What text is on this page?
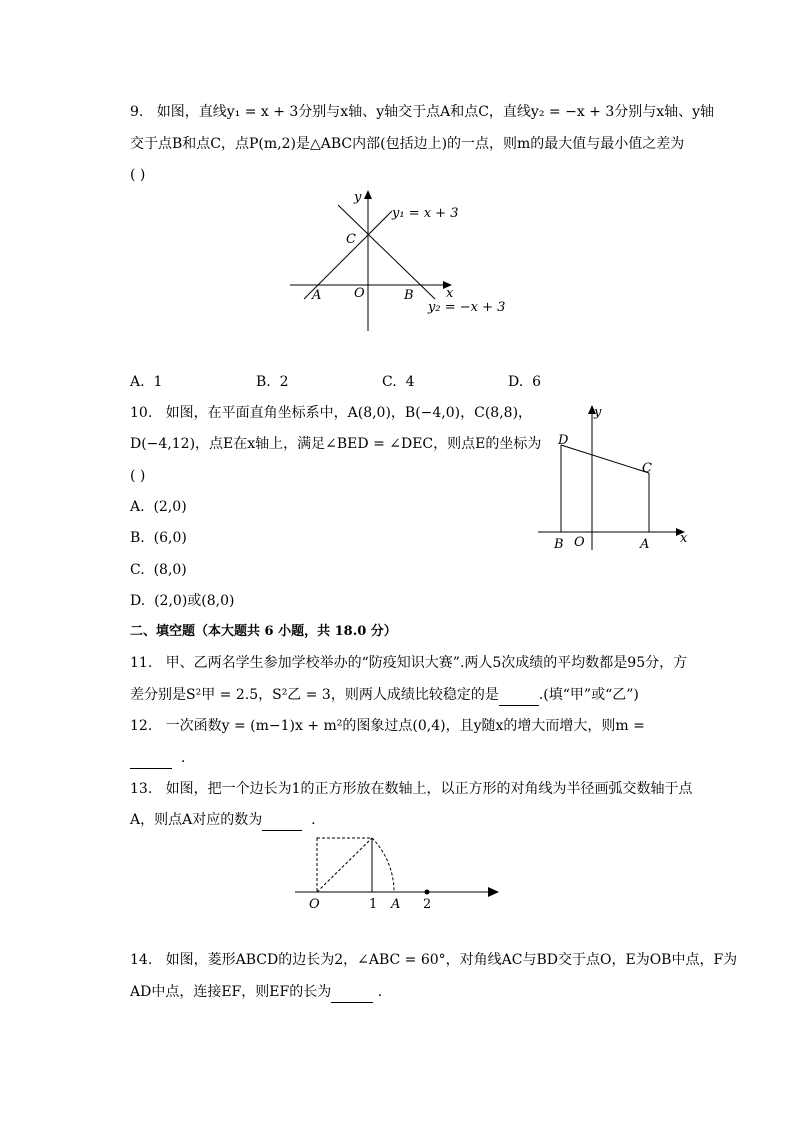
9. 如图，直线y₁ = x + 3分别与x轴、y轴交于点A和点C，直线y₂ = −x + 3分别与x轴、y轴
交于点B和点C，点P(m,2)是△ABC内部(包括边上)的一点，则m的最大值与最小值之差为
( )
y
x
y₁ = x + 3
y₂ = −x + 3
C
A	O	B
A. 1	B. 2	C. 4	D. 6
10. 如图，在平面直角坐标系中，A(8,0)，B(−4,0)，C(8,8)，
D(−4,12)，点E在x轴上，满足∠BED = ∠DEC，则点E的坐标为
( )
A. (2,0)
B. (6,0)
C. (8,0)
D. (2,0)或(8,0)
y
x
D
C
B O	A
二、填空题（本大题共 6 小题，共 18.0 分）
11. 甲、乙两名学生参加学校举办的“防疫知识大赛”.两人5次成绩的平均数都是95分，方
差分别是S²甲 = 2.5，S²乙 = 3，则两人成绩比较稳定的是	.(填“甲”或“乙”)
12. 一次函数y = (m−1)x + m²的图象过点(0,4)，且y随x的增大而增大，则m =
.
13. 如图，把一个边长为1的正方形放在数轴上，以正方形的对角线为半径画弧交数轴于点
A，则点A对应的数为	.
O	1 A 2
14. 如图，菱形ABCD的边长为2，∠ABC = 60°，对角线AC与BD交于点O，E为OB中点，F为
AD中点，连接EF，则EF的长为	.
